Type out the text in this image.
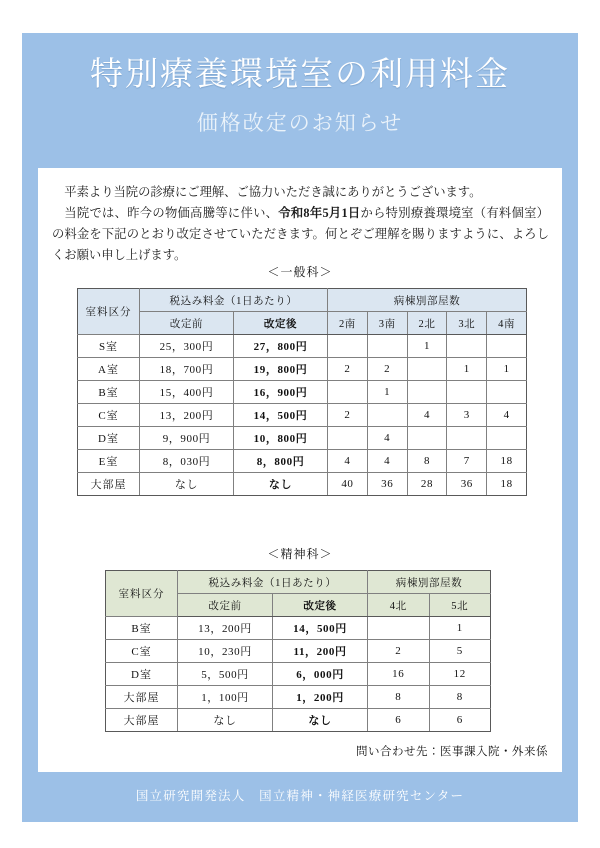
特別療養環境室の利用料金
価格改定のお知らせ

平素より当院の診療にご理解、ご協力いただき誠にありがとうございます。

当院では、昨今の物価高騰等に伴い、令和8年5月1日から特別療養環境室（有料個室）の料金を下記のとおり改定させていただきます。何とぞご理解を賜りますように、よろしくお願い申し上げます。

＜一般科＞
室料区分	税込み料金（1日あたり）		病棟別部屋数				
	改定前	改定後	2南	3南	2北	3北	4南
S室	25，300円	27，800円			1		
A室	18，700円	19，800円	2	2		1	1
B室	15，400円	16，900円		1			
C室	13，200円	14，500円	2		4	3	4
D室	9，900円	10，800円		4			
E室	8，030円	8，800円	4	4	8	7	18
大部屋	なし	なし	40	36	28	36	18
＜精神科＞
室料区分	税込み料金（1日あたり）		病棟別部屋数	
	改定前	改定後	4北	5北
B室	13，200円	14，500円		1
C室	10，230円	11，200円	2	5
D室	5，500円	6，000円	16	12
大部屋	1，100円	1，200円	8	8
大部屋	なし	なし	6	6
問い合わせ先：医事課入院・外来係
国立研究開発法人　国立精神・神経医療研究センター
